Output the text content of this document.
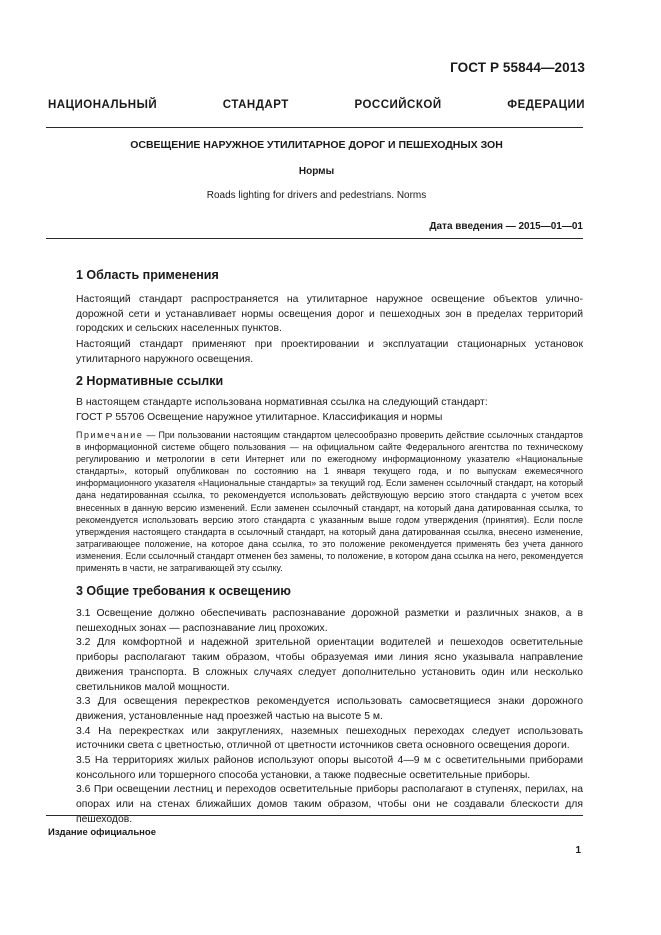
ГОСТ Р 55844—2013
НАЦИОНАЛЬНЫЙ СТАНДАРТ РОССИЙСКОЙ ФЕДЕРАЦИИ
ОСВЕЩЕНИЕ НАРУЖНОЕ УТИЛИТАРНОЕ ДОРОГ И ПЕШЕХОДНЫХ ЗОН
Нормы
Roads lighting for drivers and pedestrians. Norms
Дата введения — 2015—01—01
1 Область применения

Настоящий стандарт распространяется на утилитарное наружное освещение объектов улично-дорожной сети и устанавливает нормы освещения дорог и пешеходных зон в пределах территорий городских и сельских населенных пунктов.

Настоящий стандарт применяют при проектировании и эксплуатации стационарных установок утилитарного наружного освещения.

2 Нормативные ссылки

В настоящем стандарте использована нормативная ссылка на следующий стандарт:

ГОСТ Р 55706 Освещение наружное утилитарное. Классификация и нормы

Примечание — При пользовании настоящим стандартом целесообразно проверить действие ссылочных стандартов в информационной системе общего пользования — на официальном сайте Федерального агентства по техническому регулированию и метрологии в сети Интернет или по ежегодному информационному указателю «Национальные стандарты», который опубликован по состоянию на 1 января текущего года, и по выпускам ежемесячного информационного указателя «Национальные стандарты» за текущий год. Если заменен ссылочный стандарт, на который дана недатированная ссылка, то рекомендуется использовать действующую версию этого стандарта с учетом всех внесенных в данную версию изменений. Если заменен ссылочный стандарт, на который дана датированная ссылка, то рекомендуется использовать версию этого стандарта с указанным выше годом утверждения (принятия). Если после утверждения настоящего стандарта в ссылочный стандарт, на который дана датированная ссылка, внесено изменение, затрагивающее положение, на которое дана ссылка, то это положение рекомендуется применять без учета данного изменения. Если ссылочный стандарт отменен без замены, то положение, в котором дана ссылка на него, рекомендуется применять в части, не затрагивающей эту ссылку.

3 Общие требования к освещению

3.1 Освещение должно обеспечивать распознавание дорожной разметки и различных знаков, а в пешеходных зонах — распознавание лиц прохожих.

3.2 Для комфортной и надежной зрительной ориентации водителей и пешеходов осветительные приборы располагают таким образом, чтобы образуемая ими линия ясно указывала направление движения транспорта. В сложных случаях следует дополнительно установить один или несколько светильников малой мощности.

3.3 Для освещения перекрестков рекомендуется использовать самосветящиеся знаки дорожного движения, установленные над проезжей частью на высоте 5 м.

3.4 На перекрестках или закруглениях, наземных пешеходных переходах следует использовать источники света с цветностью, отличной от цветности источников света основного освещения дороги.

3.5 На территориях жилых районов используют опоры высотой 4—9 м с осветительными приборами консольного или торшерного способа установки, а также подвесные осветительные приборы.

3.6 При освещении лестниц и переходов осветительные приборы располагают в ступенях, перилах, на опорах или на стенах ближайших домов таким образом, чтобы они не создавали блескости для пешеходов.

Издание официальное
1
